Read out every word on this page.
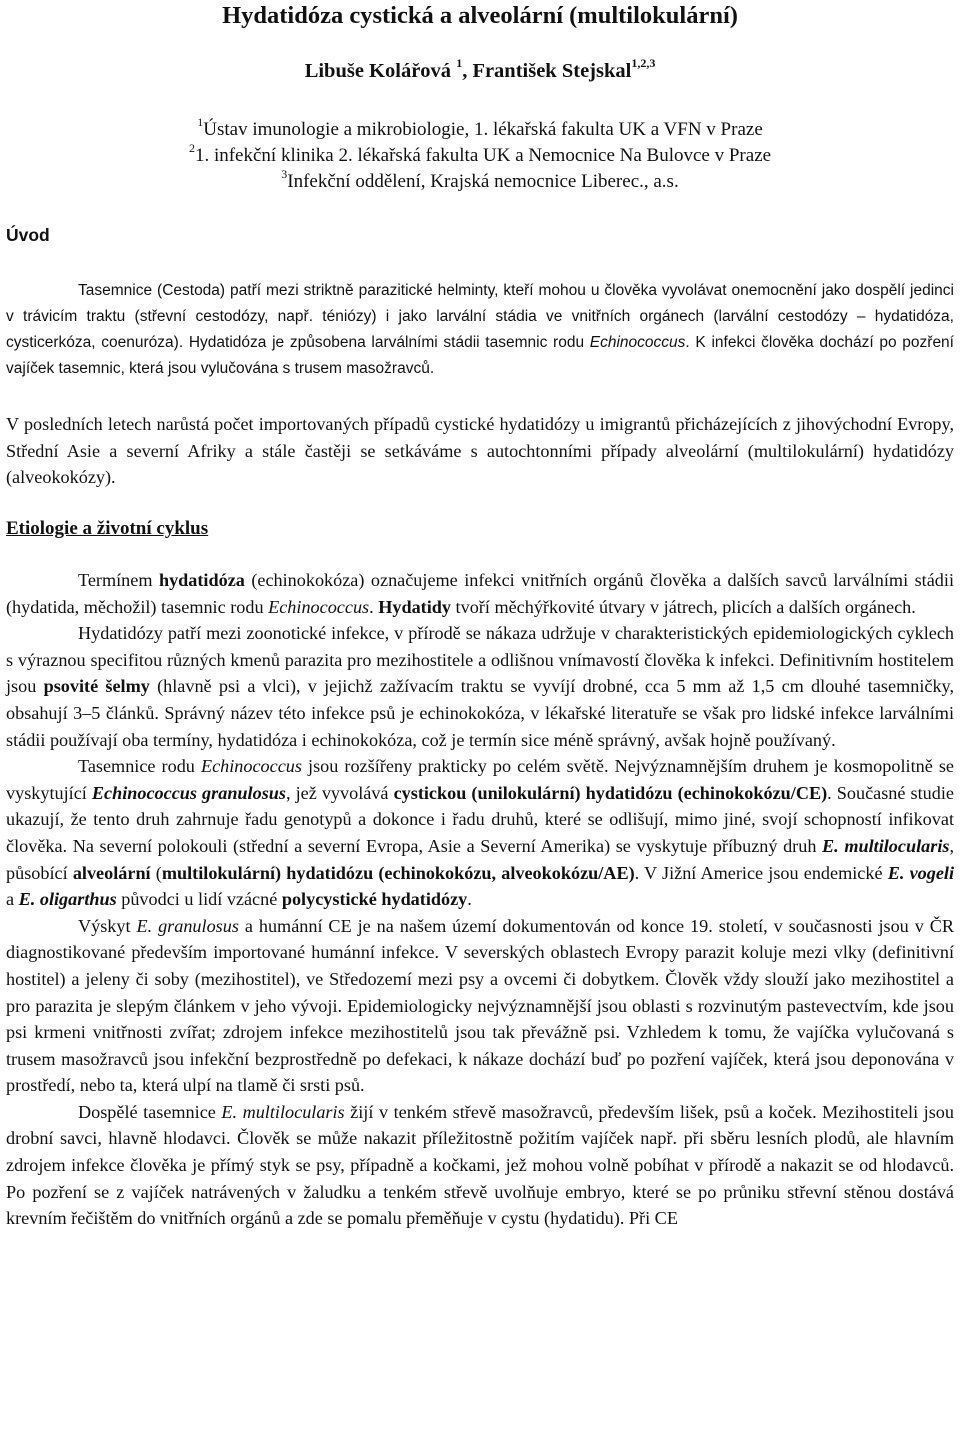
Hydatidóza cystická a alveolární (multilokulární)
Libuše Kolářová $^1$, František Stejskal$^{1,2,3}$
$^1$Ústav imunologie a mikrobiologie, 1. lékařská fakulta UK a VFN v Praze
$^2$1. infekční klinika 2. lékařská fakulta UK a Nemocnice Na Bulovce v Praze
$^3$Infekční oddělení, Krajská nemocnice Liberec., a.s.
Úvod

Tasemnice (Cestoda) patří mezi striktně parazitické helminty, kteří mohou u člověka vyvolávat onemocnění jako dospělí jedinci v trávicím traktu (střevní cestodózy, např. téniózy) i jako larvální stádia ve vnitřních orgánech (larvální cestodózy – hydatidóza, cysticerkóza, coenuróza). Hydatidóza je způsobena larválními stádii tasemnic rodu Echinococcus. K infekci člověka dochází po pozření vajíček tasemnic, která jsou vylučována s trusem masožravců.

V posledních letech narůstá počet importovaných případů cystické hydatidózy u imigrantů přicházejících z jihovýchodní Evropy, Střední Asie a severní Afriky a stále častěji se setkáváme s autochtonními případy alveolární (multilokulární) hydatidózy (alveokokózy).
Etiologie a životní cyklus

Termínem hydatidóza (echinokokóza) označujeme infekci vnitřních orgánů člověka a dalších savců larválními stádii (hydatida, měchožil) tasemnic rodu Echinococcus. Hydatidy tvoří měchýřkovité útvary v játrech, plicích a dalších orgánech.

Hydatidózy patří mezi zoonotické infekce, v přírodě se nákaza udržuje v charakteristických epidemiologických cyklech s výraznou specifitou různých kmenů parazita pro mezihostitele a odlišnou vnímavostí člověka k infekci. Definitivním hostitelem jsou psovité šelmy (hlavně psi a vlci), v jejichž zažívacím traktu se vyvíjí drobné, cca 5 mm až 1,5 cm dlouhé tasemničky, obsahují 3–5 článků. Správný název této infekce psů je echinokokóza, v lékařské literatuře se však pro lidské infekce larválními stádii používají oba termíny, hydatidóza i echinokokóza, což je termín sice méně správný, avšak hojně používaný.

Tasemnice rodu Echinococcus jsou rozšířeny prakticky po celém světě. Nejvýznamnějším druhem je kosmopolitně se vyskytující Echinococcus granulosus, jež vyvolává cystickou (unilokulární) hydatidózu (echinokokózu/CE). Současné studie ukazují, že tento druh zahrnuje řadu genotypů a dokonce i řadu druhů, které se odlišují, mimo jiné, svojí schopností infikovat člověka. Na severní polokouli (střední a severní Evropa, Asie a Severní Amerika) se vyskytuje příbuzný druh E. multilocularis, působící alveolární (multilokulární) hydatidózu (echinokokózu, alveokokózu/AE). V Jižní Americe jsou endemické E. vogeli a E. oligarthus původci u lidí vzácné polycystické hydatidózy.

Výskyt E. granulosus a humánní CE je na našem území dokumentován od konce 19. století, v současnosti jsou v ČR diagnostikované především importované humánní infekce. V severských oblastech Evropy parazit koluje mezi vlky (definitivní hostitel) a jeleny či soby (mezihostitel), ve Středozemí mezi psy a ovcemi či dobytkem. Člověk vždy slouží jako mezihostitel a pro parazita je slepým článkem v jeho vývoji. Epidemiologicky nejvýznamnější jsou oblasti s rozvinutým pastevectvím, kde jsou psi krmeni vnitřnosti zvířat; zdrojem infekce mezihostitelů jsou tak převážně psi. Vzhledem k tomu, že vajíčka vylučovaná s trusem masožravců jsou infekční bezprostředně po defekaci, k nákaze dochází buď po pozření vajíček, která jsou deponována v prostředí, nebo ta, která ulpí na tlamě či srsti psů.

Dospělé tasemnice E. multilocularis žijí v tenkém střevě masožravců, především lišek, psů a koček. Mezihostiteli jsou drobní savci, hlavně hlodavci. Člověk se může nakazit příležitostně požitím vajíček např. při sběru lesních plodů, ale hlavním zdrojem infekce člověka je přímý styk se psy, případně a kočkami, jež mohou volně pobíhat v přírodě a nakazit se od hlodavců. Po pozření se z vajíček natrávených v žaludku a tenkém střevě uvolňuje embryo, které se po průniku střevní stěnou dostává krevním řečištěm do vnitřních orgánů a zde se pomalu přeměňuje v cystu (hydatidu). Při CE
